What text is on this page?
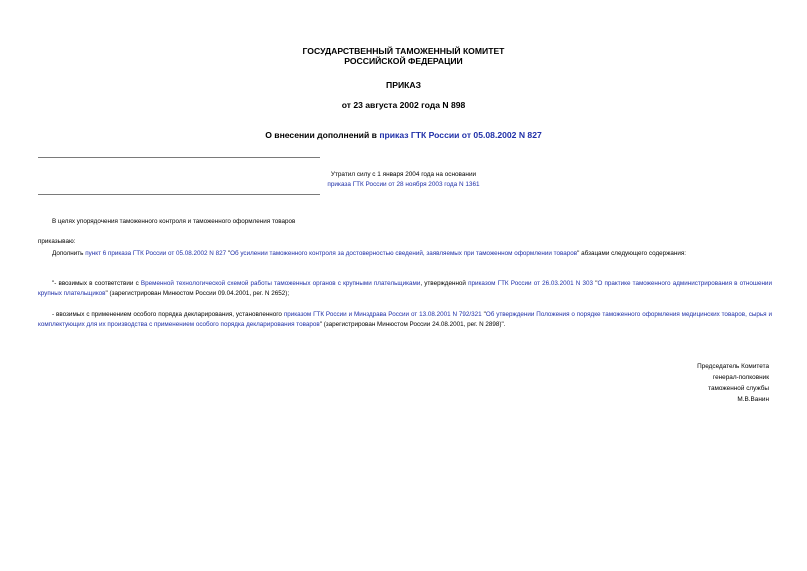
ГОСУДАРСТВЕННЫЙ ТАМОЖЕННЫЙ КОМИТЕТ
РОССИЙСКОЙ ФЕДЕРАЦИИ
ПРИКАЗ
от 23 августа 2002 года N 898
О внесении дополнений в приказ ГТК России от 05.08.2002 N 827
Утратил силу с 1 января 2004 года на основании
приказа ГТК России от 28 ноября 2003 года N 1361
В целях упорядочения таможенного контроля и таможенного оформления товаров
приказываю:
Дополнить пункт 6 приказа ГТК России от 05.08.2002 N 827 "Об усилении таможенного контроля за достоверностью сведений, заявляемых при таможенном оформлении товаров" абзацами следующего содержания:
"- ввозимых в соответствии с Временной технологической схемой работы таможенных органов с крупными плательщиками, утвержденной приказом ГТК России от 26.03.2001 N 303 "О практике таможенного администрирования в отношении крупных плательщиков" (зарегистрирован Минюстом России 09.04.2001, рег. N 2652);
- ввозимых с применением особого порядка декларирования, установленного приказом ГТК России и Минздрава России от 13.08.2001 N 792/321 "Об утверждении Положения о порядке таможенного оформления медицинских товаров, сырья и комплектующих для их производства с применением особого порядка декларирования товаров" (зарегистрирован Минюстом России 24.08.2001, рег. N 2898)".
Председатель Комитета
генерал-полковник
таможенной службы
М.В.Ванин
